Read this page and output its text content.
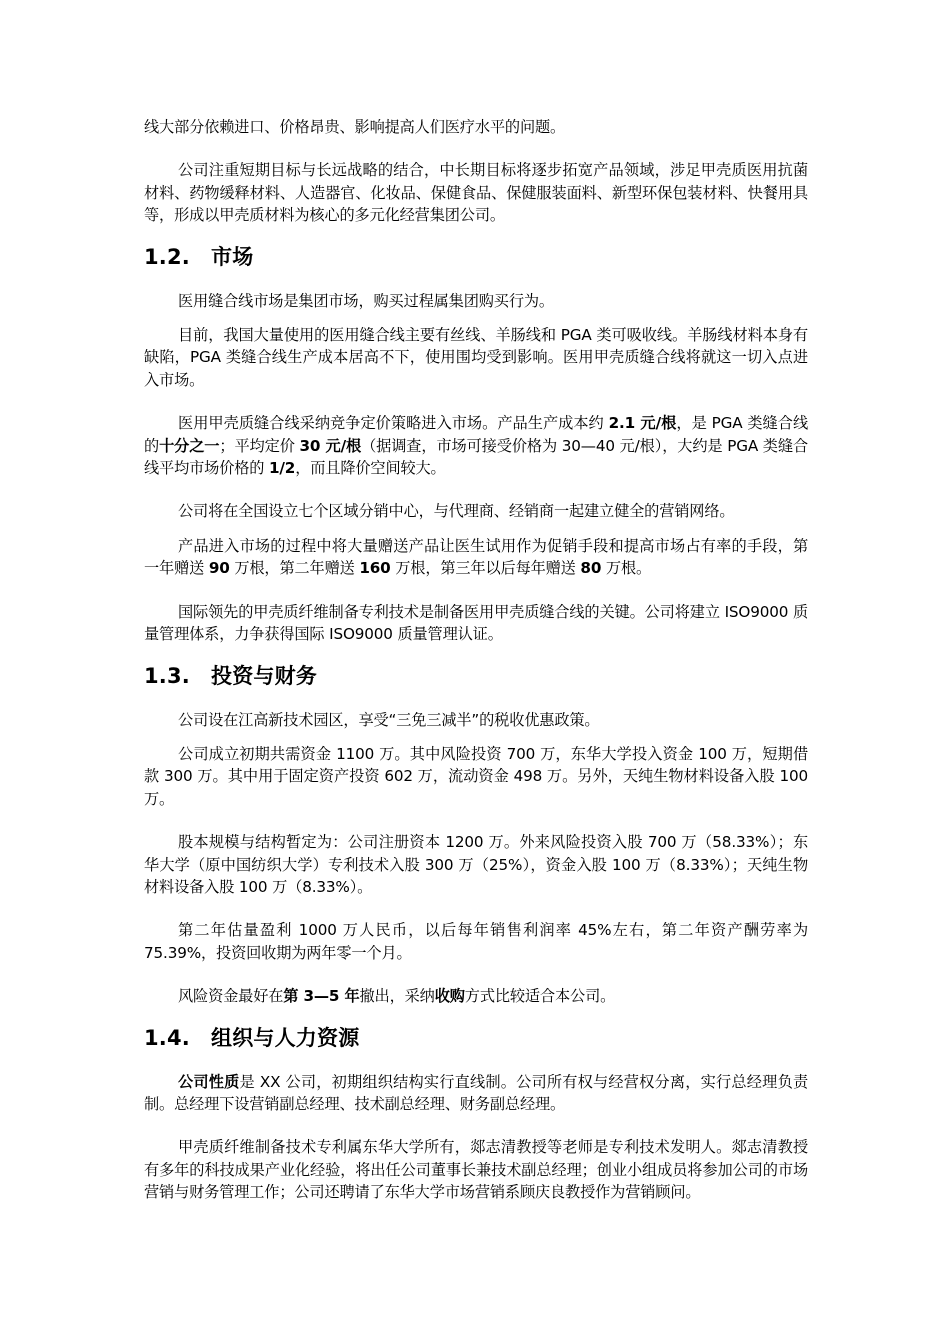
线大部分依赖进口、价格昂贵、影响提高人们医疗水平的问题。

公司注重短期目标与长远战略的结合，中长期目标将逐步拓宽产品领域，涉足甲壳质医用抗菌材料、药物缓释材料、人造器官、化妆品、保健食品、保健服装面料、新型环保包装材料、快餐用具等，形成以甲壳质材料为核心的多元化经营集团公司。

1.2. 市场

医用缝合线市场是集团市场，购买过程属集团购买行为。

目前，我国大量使用的医用缝合线主要有丝线、羊肠线和 PGA 类可吸收线。羊肠线材料本身有缺陷，PGA 类缝合线生产成本居高不下，使用围均受到影响。医用甲壳质缝合线将就这一切入点进入市场。

医用甲壳质缝合线采纳竞争定价策略进入市场。产品生产成本约 2.1 元/根，是 PGA 类缝合线的十分之一；平均定价 30 元/根（据调查，市场可接受价格为 30—40 元/根），大约是 PGA 类缝合线平均市场价格的 1/2，而且降价空间较大。

公司将在全国设立七个区域分销中心，与代理商、经销商一起建立健全的营销网络。

产品进入市场的过程中将大量赠送产品让医生试用作为促销手段和提高市场占有率的手段，第一年赠送 90 万根，第二年赠送 160 万根，第三年以后每年赠送 80 万根。

国际领先的甲壳质纤维制备专利技术是制备医用甲壳质缝合线的关键。公司将建立 ISO9000 质量管理体系，力争获得国际 ISO9000 质量管理认证。

1.3. 投资与财务

公司设在江高新技术园区，享受“三免三减半”的税收优惠政策。

公司成立初期共需资金 1100 万。其中风险投资 700 万，东华大学投入资金 100 万，短期借款 300 万。其中用于固定资产投资 602 万，流动资金 498 万。另外，天纯生物材料设备入股 100 万。

股本规模与结构暂定为：公司注册资本 1200 万。外来风险投资入股 700 万（58.33%）；东华大学（原中国纺织大学）专利技术入股 300 万（25%），资金入股 100 万（8.33%）；天纯生物材料设备入股 100 万（8.33%）。

第二年估量盈利 1000 万人民币，以后每年销售利润率 45%左右，第二年资产酬劳率为 75.39%，投资回收期为两年零一个月。

风险资金最好在第 3—5 年撤出，采纳收购方式比较适合本公司。

1.4. 组织与人力资源

公司性质是 XX 公司，初期组织结构实行直线制。公司所有权与经营权分离，实行总经理负责制。总经理下设营销副总经理、技术副总经理、财务副总经理。

甲壳质纤维制备技术专利属东华大学所有，郯志清教授等老师是专利技术发明人。郯志清教授有多年的科技成果产业化经验，将出任公司董事长兼技术副总经理；创业小组成员将参加公司的市场营销与财务管理工作；公司还聘请了东华大学市场营销系顾庆良教授作为营销顾问。
